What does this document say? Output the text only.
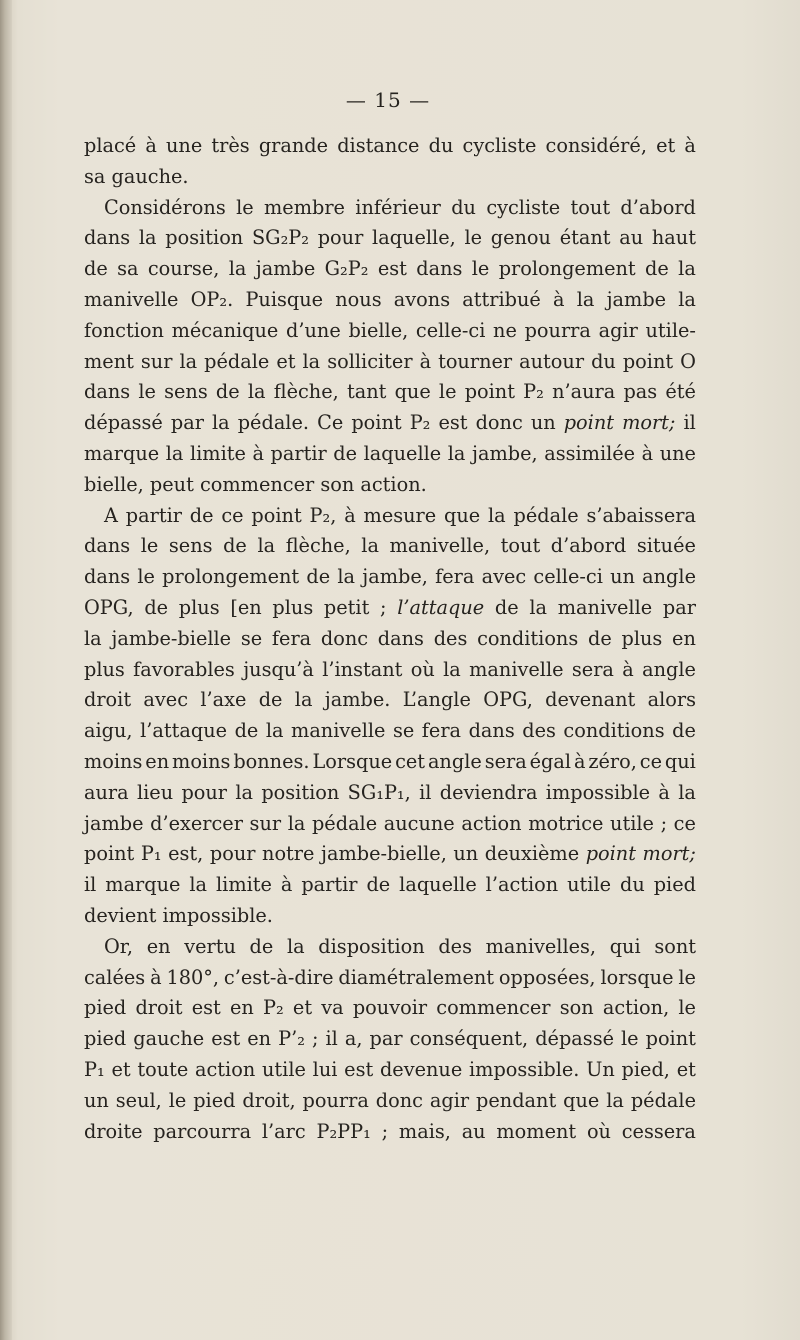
— 15 —
placé à une très grande distance du cycliste considéré, et à
sa gauche.
Considérons le membre inférieur du cycliste tout d’abord
dans la position SG₂P₂ pour laquelle, le genou étant au haut
de sa course, la jambe G₂P₂ est dans le prolongement de la
manivelle OP₂. Puisque nous avons attribué à la jambe la
fonction mécanique d’une bielle, celle-ci ne pourra agir utile-
ment sur la pédale et la solliciter à tourner autour du point O
dans le sens de la flèche, tant que le point P₂ n’aura pas été
dépassé par la pédale. Ce point P₂ est donc un point mort; il
marque la limite à partir de laquelle la jambe, assimilée à une
bielle, peut commencer son action.
A partir de ce point P₂, à mesure que la pédale s’abaissera
dans le sens de la flèche, la manivelle, tout d’abord située
dans le prolongement de la jambe, fera avec celle-ci un angle
OPG, de plus [en plus petit ; l’attaque de la manivelle par
la jambe-bielle se fera donc dans des conditions de plus en
plus favorables jusqu’à l’instant où la manivelle sera à angle
droit avec l’axe de la jambe. L’angle OPG, devenant alors
aigu, l’attaque de la manivelle se fera dans des conditions de
moins en moins bonnes. Lorsque cet angle sera égal à zéro, ce qui
aura lieu pour la position SG₁P₁, il deviendra impossible à la
jambe d’exercer sur la pédale aucune action motrice utile ; ce
point P₁ est, pour notre jambe-bielle, un deuxième point mort;
il marque la limite à partir de laquelle l’action utile du pied
devient impossible.
Or, en vertu de la disposition des manivelles, qui sont
calées à 180°, c’est-à-dire diamétralement opposées, lorsque le
pied droit est en P₂ et va pouvoir commencer son action, le
pied gauche est en P’₂ ; il a, par conséquent, dépassé le point
P₁ et toute action utile lui est devenue impossible. Un pied, et
un seul, le pied droit, pourra donc agir pendant que la pédale
droite parcourra l’arc P₂PP₁ ; mais, au moment où cessera
